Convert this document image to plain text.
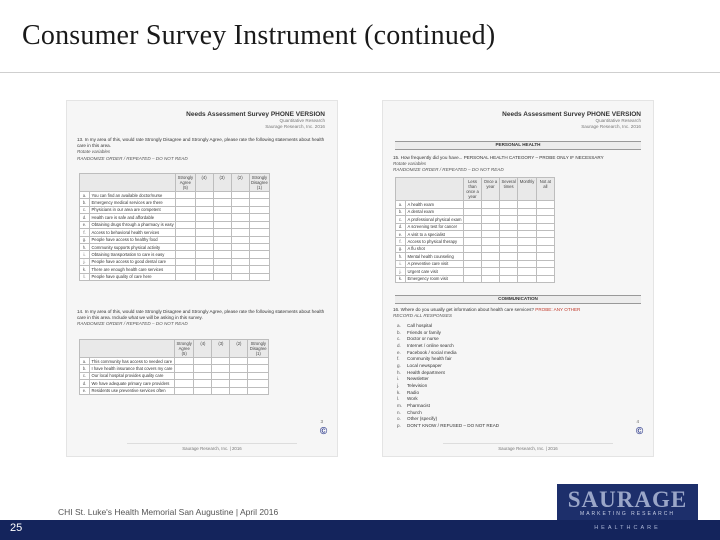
Consumer Survey Instrument (continued)
Needs Assessment Survey PHONE VERSION
Quantitative Research
Saurage Research, Inc. 2016
13. In my area of this, would rate Strongly Disagree and Strongly Agree, please rate the following statements about health care in this area.
Rotate variables
RANDOMIZE ORDER / REPEATED – DO NOT READ
		Strongly Agree (5)	(4)	(3)	(2)	Strongly Disagree (1)
a.	You can find an available doctor/nurse					
b.	Emergency medical services are there					
c.	Physicians in our area are competent					
d.	Health care is safe and affordable					
e.	Obtaining drugs through a pharmacy is easy					
f.	Access to behavioral health services					
g.	People have access to healthy food					
h.	Community supports physical activity					
i.	Obtaining transportation to care is easy					
j.	People have access to good dental care					
k.	There are enough health care services					
l.	People have quality of care here					
14. In my area of this, would rate Strongly Disagree and Strongly Agree, please rate the following statements about health care in this area. Include what we will be asking in this survey.
RANDOMIZE ORDER / REPEATED – DO NOT READ
		Strongly Agree (5)	(4)	(3)	(2)	Strongly Disagree (1)
a.	This community has access to needed care					
b.	I have health insurance that covers my care					
c.	Our local hospital provides quality care					
d.	We have adequate primary care providers					
e.	Residents use preventive services often					
3
©
Saurage Research, Inc. | 2016
Needs Assessment Survey PHONE VERSION
Quantitative Research
Saurage Research, Inc. 2016
PERSONAL HEALTH
15. How frequently did you have... PERSONAL HEALTH CATEGORY – PROBE ONLY IF NECESSARY
Rotate variables
RANDOMIZE ORDER / REPEATED – DO NOT READ
		Less than once a year	Once a year	Several times	Monthly	Not at all
a.	A health exam					
b.	A dental exam					
c.	A professional physical exam					
d.	A screening test for cancer					
e.	A visit to a specialist					
f.	Access to physical therapy					
g.	A flu shot					
h.	Mental health counseling					
i.	A preventive care visit					
j.	Urgent care visit					
k.	Emergency room visit					
COMMUNICATION
16. Where do you usually get information about health care services? PROBE: ANY OTHER
RECORD ALL RESPONSES
a.	Call hospital
b.	Friends or family
c.	Doctor or nurse
d.	Internet / online search
e.	Facebook / social media
f.	Community health fair
g.	Local newspaper
h.	Health department
i.	Newsletter
j.	Television
k.	Radio
l.	Work
m. Pharmacist
n.	Church
o.	Other (specify)
p.	DON'T KNOW / REFUSED – DO NOT READ
4
©
Saurage Research, Inc. | 2016
CHI St. Luke's Health Memorial San Augustine | April 2016	SAURAGE
MARKETING RESEARCH
HEALTHCARE
25
